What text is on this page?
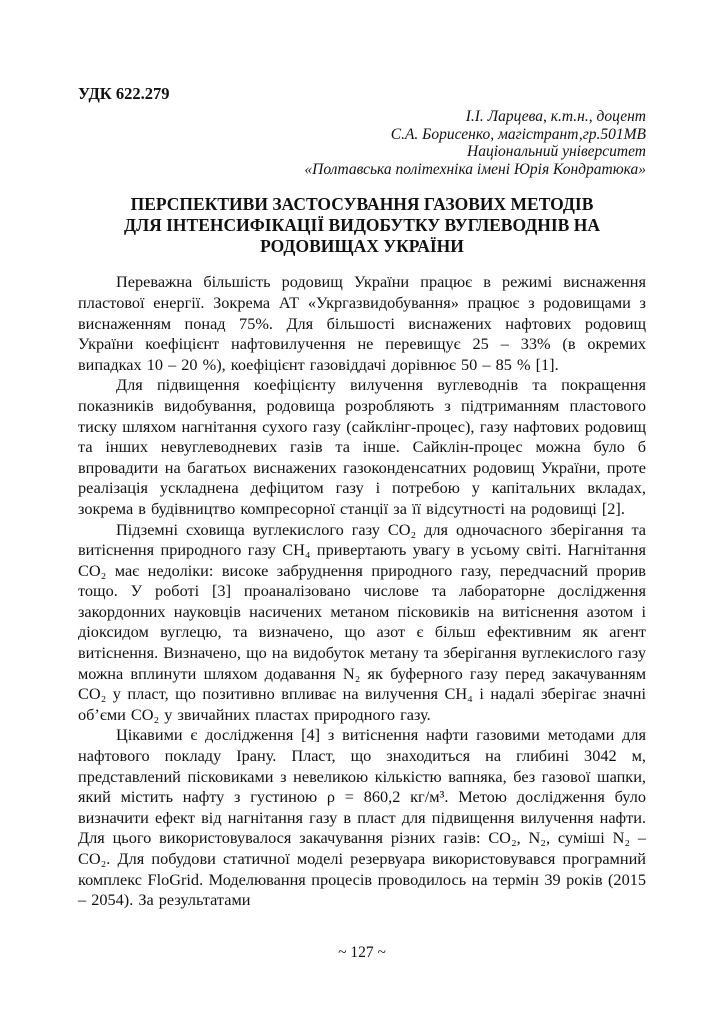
УДК 622.279
І.І. Ларцева, к.т.н., доцент
С.А. Борисенко, магістрант,гр.501МВ
Національний університет
«Полтавська політехніка імені Юрія Кондратюка»
ПЕРСПЕКТИВИ ЗАСТОСУВАННЯ ГАЗОВИХ МЕТОДІВ
ДЛЯ ІНТЕНСИФІКАЦІЇ ВИДОБУТКУ ВУГЛЕВОДНІВ НА
РОДОВИЩАХ УКРАЇНИ

Переважна більшість родовищ України працює в режимі виснаження пластової енергії. Зокрема АТ «Укргазвидобування» працює з родовищами з виснаженням понад 75%. Для більшості виснажених нафтових родовищ України коефіцієнт нафтовилучення не перевищує 25 – 33% (в окремих випадках 10 – 20 %), коефіцієнт газовіддачі дорівнює 50 – 85 % [1].

Для підвищення коефіцієнту вилучення вуглеводнів та покращення показників видобування, родовища розробляють з підтриманням пластового тиску шляхом нагнітання сухого газу (сайклінг-процес), газу нафтових родовищ та інших невуглеводневих газів та інше. Сайклін-процес можна було б впровадити на багатьох виснажених газоконденсатних родовищ України, проте реалізація ускладнена дефіцитом газу і потребою у капітальних вкладах, зокрема в будівництво компресорної станції за її відсутності на родовищі [2].

Підземні сховища вуглекислого газу CO₂ для одночасного зберігання та витіснення природного газу CH₄ привертають увагу в усьому світі. Нагнітання CO₂ має недоліки: високе забруднення природного газу, передчасний прорив тощо. У роботі [3] проаналізовано числове та лабораторне дослідження закордонних науковців насичених метаном пісковиків на витіснення азотом і діоксидом вуглецю, та визначено, що азот є більш ефективним як агент витіснення. Визначено, що на видобуток метану та зберігання вуглекислого газу можна вплинути шляхом додавання N₂ як буферного газу перед закачуванням CO₂ у пласт, що позитивно впливає на вилучення CH₄ і надалі зберігає значні об’єми CO₂ у звичайних пластах природного газу.

Цікавими є дослідження [4] з витіснення нафти газовими методами для нафтового покладу Ірану. Пласт, що знаходиться на глибині 3042 м, представлений пісковиками з невеликою кількістю вапняка, без газової шапки, який містить нафту з густиною ρ = 860,2 кг/м³. Метою дослідження було визначити ефект від нагнітання газу в пласт для підвищення вилучення нафти. Для цього використовувалося закачування різних газів: CO₂, N₂, суміші N₂ – CO₂. Для побудови статичної моделі резервуара використовувався програмний комплекс FloGrid. Моделювання процесів проводилось на термін 39 років (2015 – 2054). За результатами

~ 127 ~
